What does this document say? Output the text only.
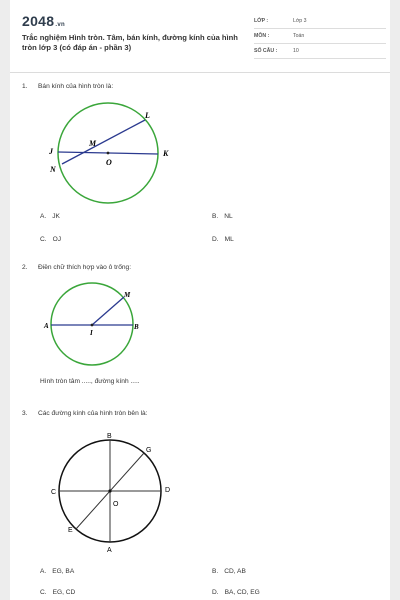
2048.vn
Trắc nghiệm Hình tròn. Tâm, bán kính, đường kính của hình tròn lớp 3 (có đáp án - phần 3)
LỚP :	Lớp 3
MÔN :	Toán
SỐ CÂU :	10
1. Bán kính của hình tròn là:
L
M
J	K
O
N
A. JK	B. NL
C. OJ	D. ML
2. Điền chữ thích hợp vào ô trống:
M
A
I
B
Hình tròn tâm ....., đường kính .....
3. Các đường kính của hình tròn bên là:
B
G
C	D
O
E
A
A. EG, BA	B. CD, AB
C. EG, CD	D. BA, CD, EG
